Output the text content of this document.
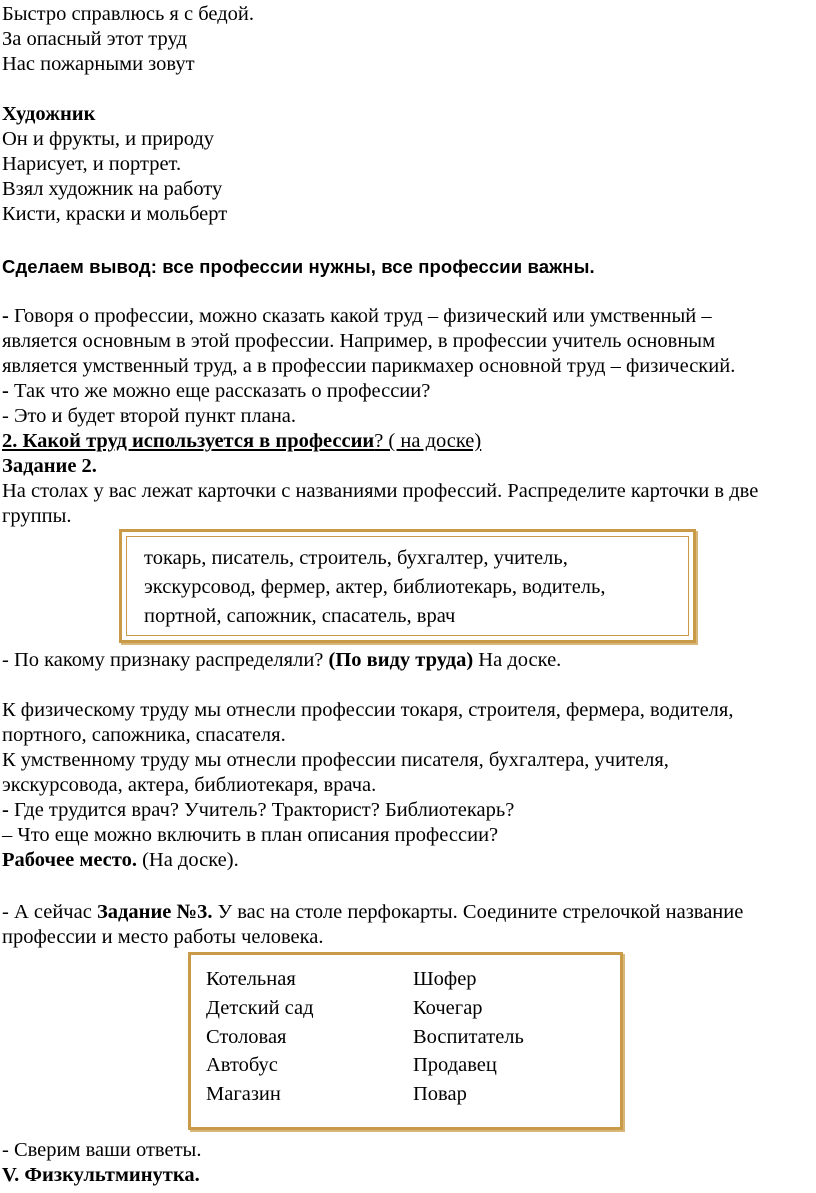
Быстро справлюсь я с бедой.
За опасный этот труд
Нас пожарными зовут
Художник
Он и фрукты, и природу
Нарисует, и портрет.
Взял художник на работу
Кисти, краски и мольберт
Сделаем вывод: все профессии нужны, все профессии важны.
- Говоря о профессии, можно сказать какой труд – физический или умственный –
является основным в этой профессии. Например, в профессии учитель основным
является умственный труд, а в профессии парикмахер основной труд – физический.
- Так что же можно еще рассказать о профессии?
- Это и будет второй пункт плана.
2. Какой труд используется в профессии? ( на доске)
Задание 2.
На столах у вас лежат карточки с названиями профессий. Распределите карточки в две
группы.
токарь, писатель, строитель, бухгалтер, учитель,
экскурсовод, фермер, актер, библиотекарь, водитель,
портной, сапожник, спасатель, врач
- По какому признаку распределяли? (По виду труда) На доске.
К физическому труду мы отнесли профессии токаря, строителя, фермера, водителя,
портного, сапожника, спасателя.
К умственному труду мы отнесли профессии писателя, бухгалтера, учителя,
экскурсовода, актера, библиотекаря, врача.
- Где трудится врач? Учитель? Тракторист? Библиотекарь?
– Что еще можно включить в план описания профессии?
Рабочее место. (На доске).
- А сейчас Задание №3. У вас на столе перфокарты. Соедините стрелочкой название
профессии и место работы человека.
Котельная
Детский сад
Столовая
Автобус
Магазин
Шофер
Кочегар
Воспитатель
Продавец
Повар
- Сверим ваши ответы.
V. Физкультминутка.
